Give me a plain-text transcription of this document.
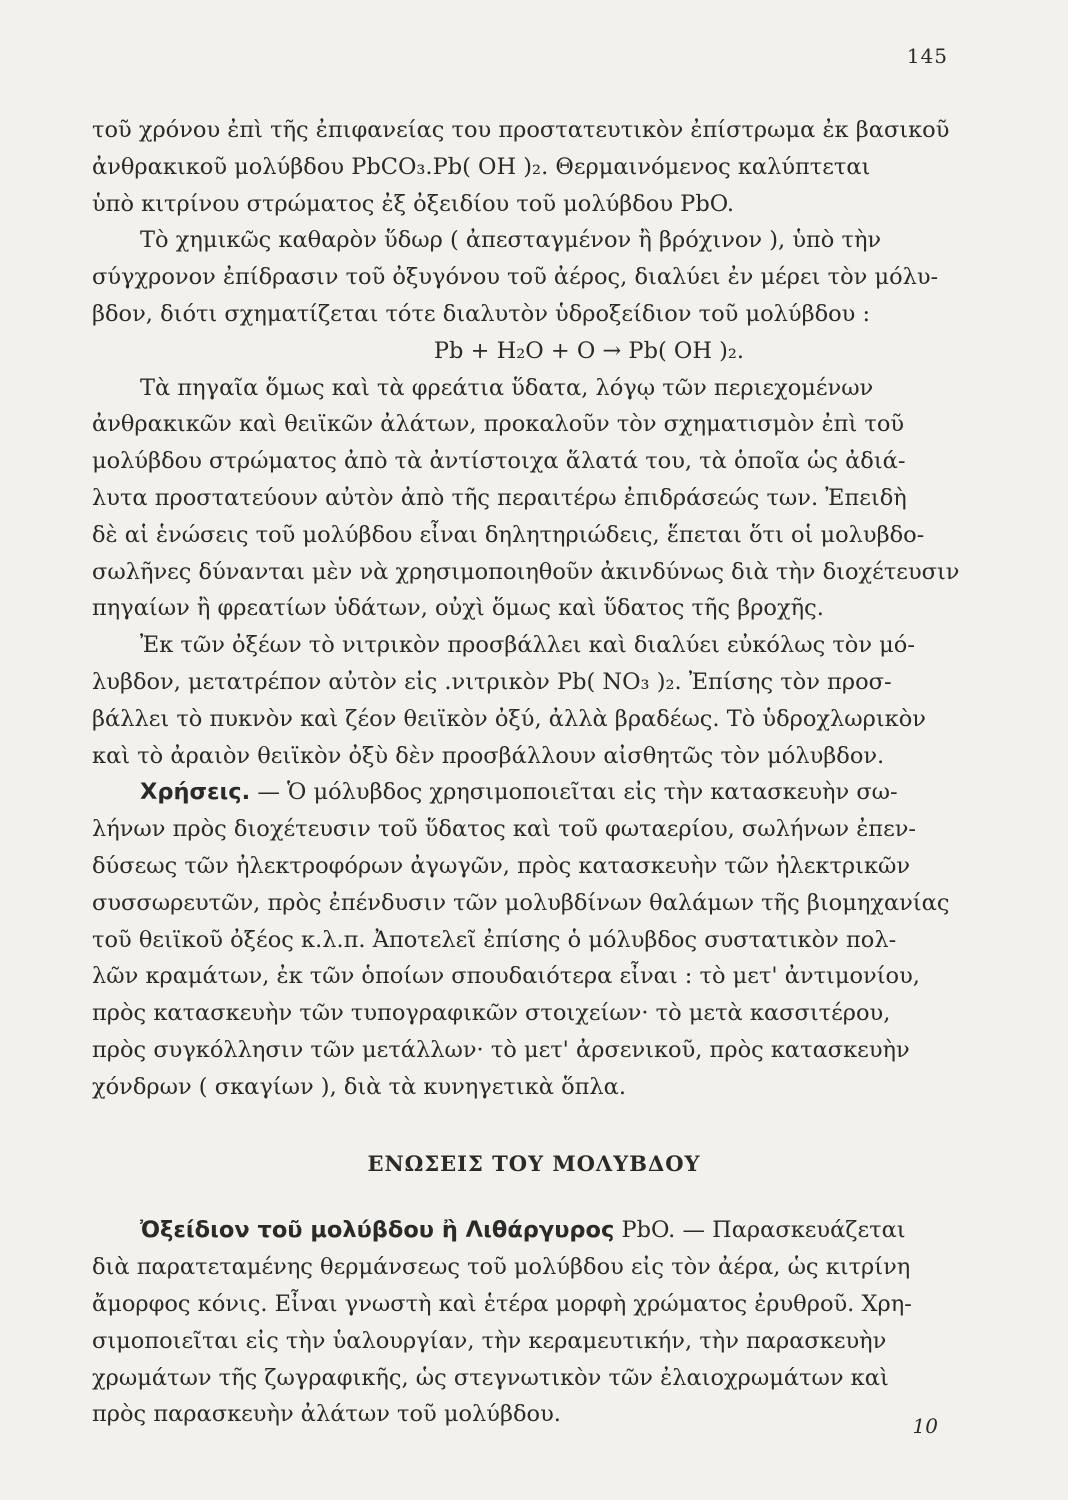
145
τοῦ χρόνου ἐπὶ τῆς ἐπιφανείας του προστατευτικὸν ἐπίστρωμα ἐκ βασικοῦ
ἀνθρακικοῦ μολύβδου PbCO₃.Pb( OH )₂. Θερμαινόμενος καλύπτεται
ὑπὸ κιτρίνου στρώματος ἐξ ὀξειδίου τοῦ μολύβδου PbO.
Τὸ χημικῶς καθαρὸν ὕδωρ ( ἀπεσταγμένον ἢ βρόχινον ), ὑπὸ τὴν
σύγχρονον ἐπίδρασιν τοῦ ὀξυγόνου τοῦ ἀέρος, διαλύει ἐν μέρει τὸν μόλυ-
βδον, διότι σχηματίζεται τότε διαλυτὸν ὑδροξείδιον τοῦ μολύβδου :
Pb + H₂O + O → Pb( OH )₂.
Τὰ πηγαῖα ὅμως καὶ τὰ φρεάτια ὕδατα, λόγῳ τῶν περιεχομένων
ἀνθρακικῶν καὶ θειϊκῶν ἀλάτων, προκαλοῦν τὸν σχηματισμὸν ἐπὶ τοῦ
μολύβδου στρώματος ἀπὸ τὰ ἀντίστοιχα ἅλατά του, τὰ ὁποῖα ὡς ἀδιά-
λυτα προστατεύουν αὐτὸν ἀπὸ τῆς περαιτέρω ἐπιδράσεώς των. Ἐπειδὴ
δὲ αἱ ἑνώσεις τοῦ μολύβδου εἶναι δηλητηριώδεις, ἕπεται ὅτι οἱ μολυβδο-
σωλῆνες δύνανται μὲν νὰ χρησιμοποιηθοῦν ἀκινδύνως διὰ τὴν διοχέτευσιν
πηγαίων ἢ φρεατίων ὑδάτων, οὐχὶ ὅμως καὶ ὕδατος τῆς βροχῆς.
Ἐκ τῶν ὀξέων τὸ νιτρικὸν προσβάλλει καὶ διαλύει εὐκόλως τὸν μό-
λυβδον, μετατρέπον αὐτὸν εἰς .νιτρικὸν Pb( NO₃ )₂. Ἐπίσης τὸν προσ-
βάλλει τὸ πυκνὸν καὶ ζέον θειϊκὸν ὀξύ, ἀλλὰ βραδέως. Τὸ ὑδροχλωρικὸν
καὶ τὸ ἀραιὸν θειϊκὸν ὀξὺ δὲν προσβάλλουν αἰσθητῶς τὸν μόλυβδον.
Χρήσεις. — Ὁ μόλυβδος χρησιμοποιεῖται εἰς τὴν κατασκευὴν σω-
λήνων πρὸς διοχέτευσιν τοῦ ὕδατος καὶ τοῦ φωταερίου, σωλήνων ἐπεν-
δύσεως τῶν ἠλεκτροφόρων ἀγωγῶν, πρὸς κατασκευὴν τῶν ἠλεκτρικῶν
συσσωρευτῶν, πρὸς ἐπένδυσιν τῶν μολυβδίνων θαλάμων τῆς βιομηχανίας
τοῦ θειϊκοῦ ὀξέος κ.λ.π. Ἀποτελεῖ ἐπίσης ὁ μόλυβδος συστατικὸν πολ-
λῶν κραμάτων, ἐκ τῶν ὁποίων σπουδαιότερα εἶναι : τὸ μετ' ἀντιμονίου,
πρὸς κατασκευὴν τῶν τυπογραφικῶν στοιχείων· τὸ μετὰ κασσιτέρου,
πρὸς συγκόλλησιν τῶν μετάλλων· τὸ μετ' ἀρσενικοῦ, πρὸς κατασκευὴν
χόνδρων ( σκαγίων ), διὰ τὰ κυνηγετικὰ ὅπλα.
ΕΝΩΣΕΙΣ ΤΟΥ ΜΟΛΥΒΔΟΥ
Ὀξείδιον τοῦ μολύβδου ἢ Λιθάργυρος PbO. — Παρασκευάζεται
διὰ παρατεταμένης θερμάνσεως τοῦ μολύβδου εἰς τὸν ἀέρα, ὡς κιτρίνη
ἄμορφος κόνις. Εἶναι γνωστὴ καὶ ἑτέρα μορφὴ χρώματος ἐρυθροῦ. Χρη-
σιμοποιεῖται εἰς τὴν ὑαλουργίαν, τὴν κεραμευτικήν, τὴν παρασκευὴν
χρωμάτων τῆς ζωγραφικῆς, ὡς στεγνωτικὸν τῶν ἐλαιοχρωμάτων καὶ
πρὸς παρασκευὴν ἀλάτων τοῦ μολύβδου.	10
